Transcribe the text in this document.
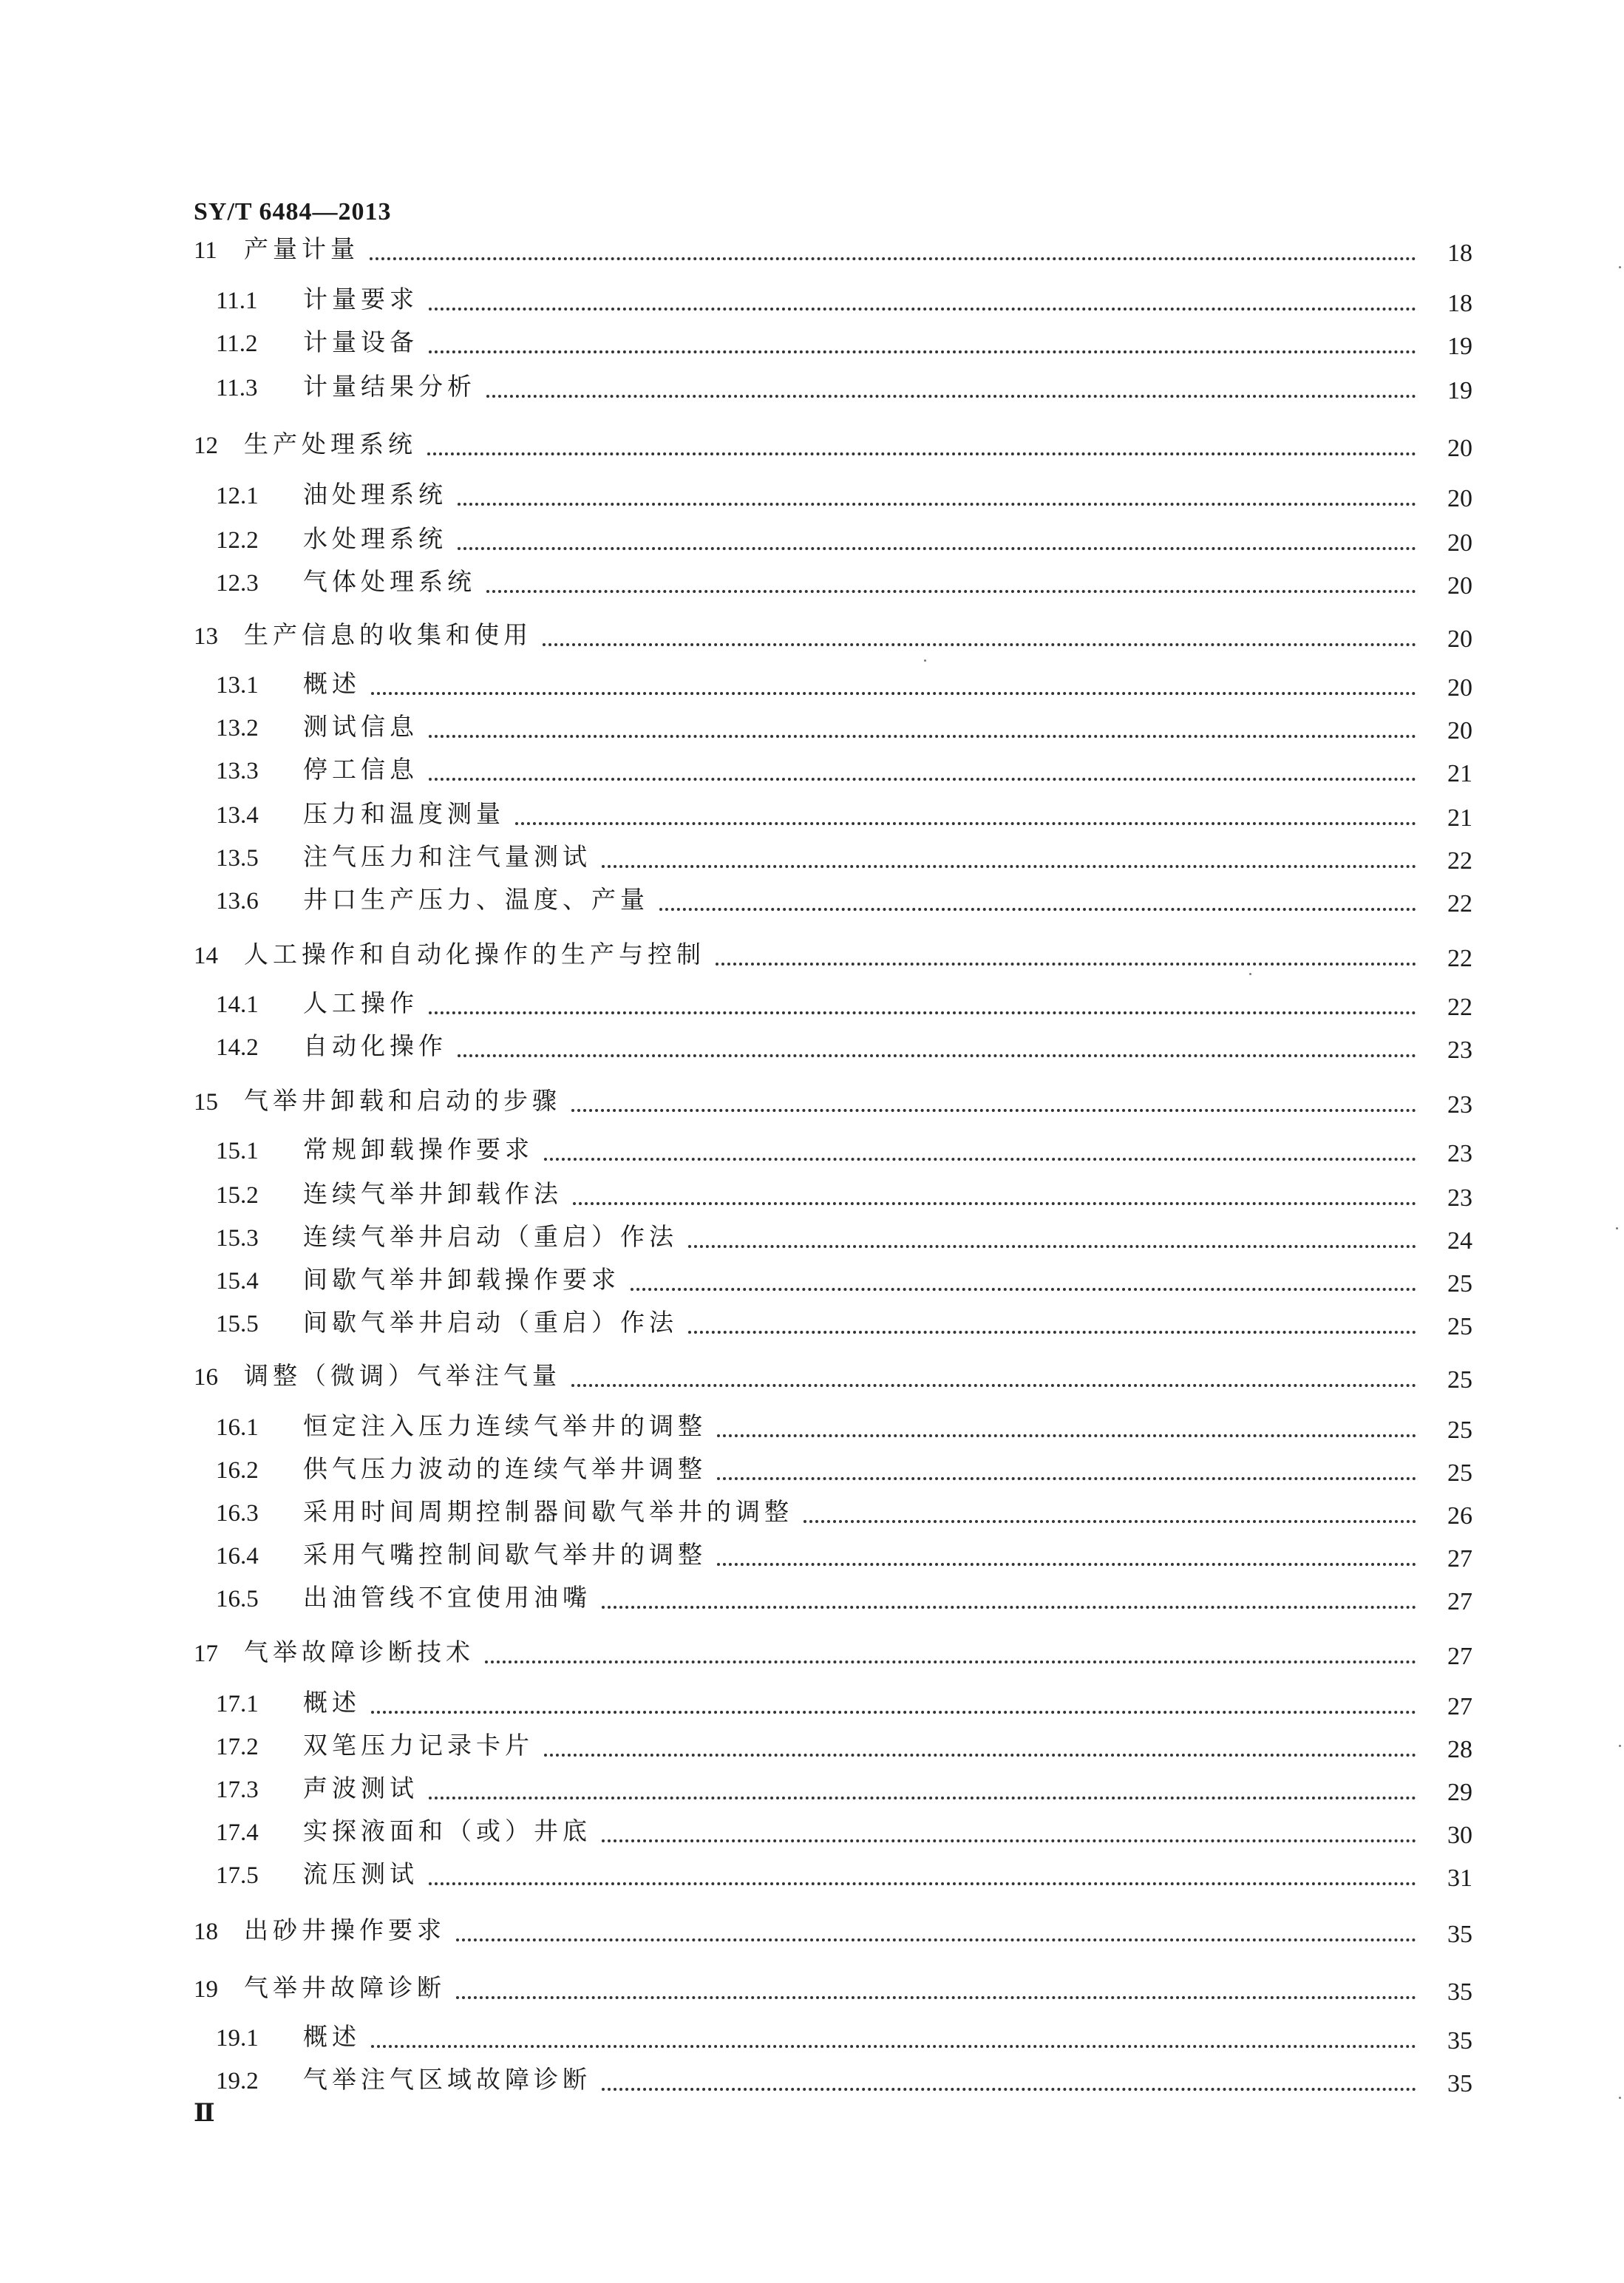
SY/T 6484—2013
11 产量计量	18
11.1 计量要求	18
11.2 计量设备	19
11.3 计量结果分析	19
12 生产处理系统	20
12.1 油处理系统	20
12.2 水处理系统	20
12.3 气体处理系统	20
13 生产信息的收集和使用	20
13.1 概述	20
13.2 测试信息	20
13.3 停工信息	21
13.4 压力和温度测量	21
13.5 注气压力和注气量测试	22
13.6 井口生产压力、温度、产量	22
14 人工操作和自动化操作的生产与控制	22
14.1 人工操作	22
14.2 自动化操作	23
15 气举井卸载和启动的步骤	23
15.1 常规卸载操作要求	23
15.2 连续气举井卸载作法	23
15.3 连续气举井启动（重启）作法	24
15.4 间歇气举井卸载操作要求	25
15.5 间歇气举井启动（重启）作法	25
16 调整（微调）气举注气量	25
16.1 恒定注入压力连续气举井的调整	25
16.2 供气压力波动的连续气举井调整	25
16.3 采用时间周期控制器间歇气举井的调整	26
16.4 采用气嘴控制间歇气举井的调整	27
16.5 出油管线不宜使用油嘴	27
17 气举故障诊断技术	27
17.1 概述	27
17.2 双笔压力记录卡片	28
17.3 声波测试	29
17.4 实探液面和（或）井底	30
17.5 流压测试	31
18 出砂井操作要求	35
19 气举井故障诊断	35
19.1 概述	35
19.2 气举注气区域故障诊断	35
Ⅱ
